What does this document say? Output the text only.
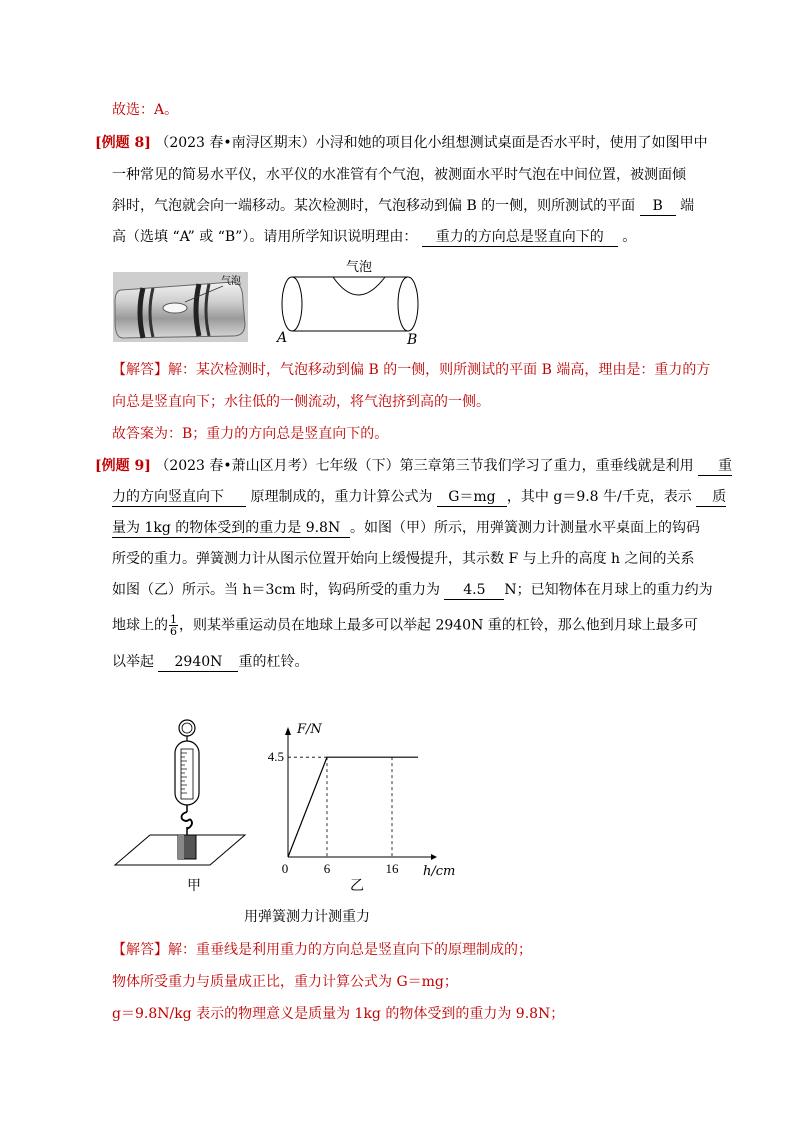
故选：A。
[例题 8] （2023 春•南浔区期末）小浔和她的项目化小组想测试桌面是否水平时，使用了如图甲中
一种常见的简易水平仪，水平仪的水准管有个气泡，被测面水平时气泡在中间位置，被测面倾
斜时，气泡就会向一端移动。某次检测时，气泡移动到偏 B 的一侧，则所测试的平面 B 端
高（选填 “A” 或 “B”）。请用所学知识说明理由： 重力的方向总是竖直向下的 。
气泡
气泡
A	B
【解答】解：某次检测时，气泡移动到偏 B 的一侧，则所测试的平面 B 端高，理由是：重力的方
向总是竖直向下；水往低的一侧流动，将气泡挤到高的一侧。
故答案为：B；重力的方向总是竖直向下的。
[例题 9] （2023 春•萧山区月考）七年级（下）第三章第三节我们学习了重力，重垂线就是利用 重
力的方向竖直向下 原理制成的，重力计算公式为 G＝mg ，其中 g＝9.8 牛/千克，表示 质
量为 1kg 的物体受到的重力是 9.8N 。如图（甲）所示，用弹簧测力计测量水平桌面上的钩码
所受的重力。弹簧测力计从图示位置开始向上缓慢提升，其示数 F 与上升的高度 h 之间的关系
如图（乙）所示。当 h＝3cm 时，钩码所受的重力为 4.5 N；已知物体在月球上的重力约为
地球上的 $\frac{1}{6}$ ，则某举重运动员在地球上最多可以举起 2940N 重的杠铃，那么他到月球上最多可
以举起 2940N 重的杠铃。
4.5
0	6	16
F/N
h/cm
甲	乙
用弹簧测力计测重力
【解答】解：重垂线是利用重力的方向总是竖直向下的原理制成的；
物体所受重力与质量成正比，重力计算公式为 G＝mg；
g＝9.8N/kg 表示的物理意义是质量为 1kg 的物体受到的重力为 9.8N；
